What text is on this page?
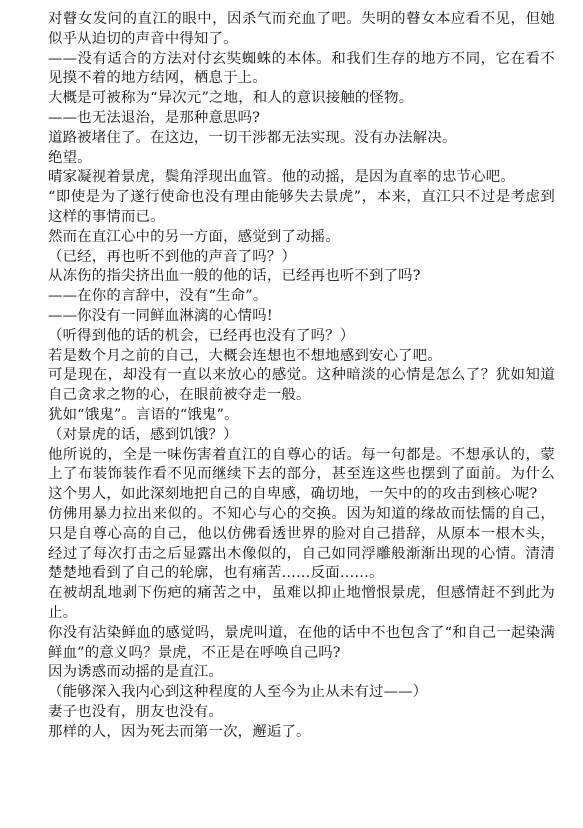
对瞽女发问的直江的眼中，因杀气而充血了吧。失明的瞽女本应看不见，但她似乎从迫切的声音中得知了。

——没有适合的方法对付玄奘蜘蛛的本体。和我们生存的地方不同，它在看不见摸不着的地方结网，栖息于上。

大概是可被称为“异次元”之地，和人的意识接触的怪物。

——也无法退治，是那种意思吗?

道路被堵住了。在这边，一切干涉都无法实现。没有办法解决。

绝望。

晴家凝视着景虎，鬓角浮现出血管。他的动摇，是因为直率的忠节心吧。

“即使是为了遂行使命也没有理由能够失去景虎”，本来，直江只不过是考虑到这样的事情而已。

然而在直江心中的另一方面，感觉到了动摇。

（已经，再也听不到他的声音了吗？）

从冻伤的指尖挤出血一般的他的话，已经再也听不到了吗?

——在你的言辞中，没有“生命”。

——你没有一同鲜血淋漓的心情吗!

（听得到他的话的机会，已经再也没有了吗？）

若是数个月之前的自己，大概会连想也不想地感到安心了吧。

可是现在，却没有一直以来放心的感觉。这种暗淡的心情是怎么了？犹如知道自己贪求之物的心，在眼前被夺走一般。

犹如“饿鬼”。言语的“饿鬼”。

（对景虎的话，感到饥饿？）

他所说的，全是一味伤害着直江的自尊心的话。每一句都是。不想承认的，蒙上了布装饰装作看不见而继续下去的部分，甚至连这些也摆到了面前。为什么这个男人，如此深刻地把自己的自卑感，确切地，一矢中的的攻击到核心呢?

仿佛用暴力拉出来似的。不知心与心的交换。因为知道的缘故而怯懦的自己，只是自尊心高的自己，他以仿佛看透世界的脸对自己措辞，从原本一根木头，经过了每次打击之后显露出木像似的，自己如同浮雕般渐渐出现的心情。清清楚楚地看到了自己的轮廓，也有痛苦……反面……。

在被胡乱地剥下伤疤的痛苦之中，虽难以抑止地憎恨景虎，但感情赶不到此为止。

你没有沾染鲜血的感觉吗，景虎叫道，在他的话中不也包含了“和自己一起染满鲜血”的意义吗？景虎，不正是在呼唤自己吗?

因为诱惑而动摇的是直江。

（能够深入我内心到这种程度的人至今为止从未有过——）

妻子也没有，朋友也没有。

那样的人，因为死去而第一次，邂逅了。
